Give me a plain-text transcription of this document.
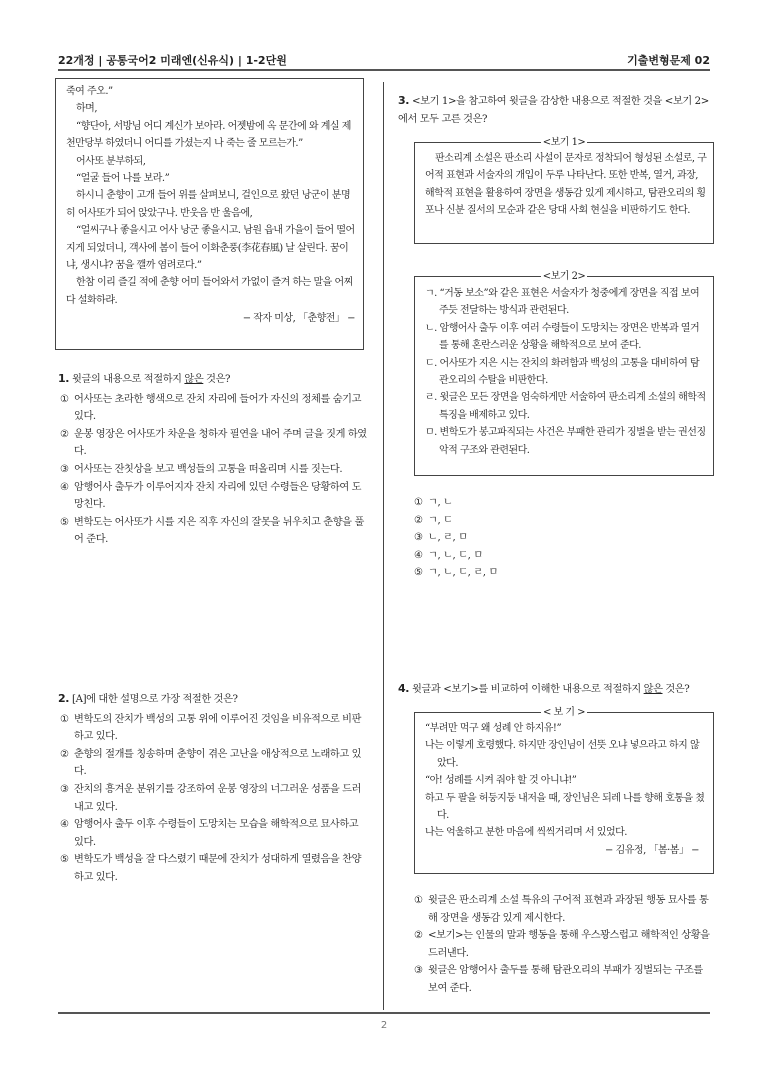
22개정 | 공통국어2 미래엔(신유식) | 1-2단원	기출변형문제 02

죽여 주오.”

하며,

“향단아, 서방님 어디 계신가 보아라. 어젯밤에 옥 문간에 와 계실 제 천만당부 하였더니 어디를 가셨는지 나 죽는 줄 모르는가.”

어사또 분부하되,

“얼굴 들어 나를 보라.”

하시니 춘향이 고개 들어 위를 살펴보니, 걸인으로 왔던 낭군이 분명히 어사또가 되어 앉았구나. 반웃음 반 울음에,

“얼씨구나 좋을시고 어사 낭군 좋을시고. 남원 읍내 가을이 들어 떨어지게 되었더니, 객사에 봄이 들어 이화춘풍(李花春風) 날 살린다. 꿈이냐, 생시냐? 꿈을 깰까 염려로다.”

한참 이리 즐길 적에 춘향 어미 들어와서 가없이 즐겨 하는 말을 어찌 다 설화하랴.

− 작자 미상, 「춘향전」 −

1. 윗글의 내용으로 적절하지 않은 것은?
① 어사또는 초라한 행색으로 잔치 자리에 들어가 자신의 정체를 숨기고 있다.
② 운봉 영장은 어사또가 차운을 청하자 필연을 내어 주며 글을 짓게 하였다.
③ 어사또는 잔칫상을 보고 백성들의 고통을 떠올리며 시를 짓는다.
④ 암행어사 출두가 이루어지자 잔치 자리에 있던 수령들은 당황하여 도망친다.
⑤ 변학도는 어사또가 시를 지은 직후 자신의 잘못을 뉘우치고 춘향을 풀어 준다.
2. [A]에 대한 설명으로 가장 적절한 것은?
① 변학도의 잔치가 백성의 고통 위에 이루어진 것임을 비유적으로 비판하고 있다.
② 춘향의 절개를 칭송하며 춘향이 겪은 고난을 애상적으로 노래하고 있다.
③ 잔치의 흥겨운 분위기를 강조하여 운봉 영장의 너그러운 성품을 드러내고 있다.
④ 암행어사 출두 이후 수령들이 도망치는 모습을 해학적으로 묘사하고 있다.
⑤ 변학도가 백성을 잘 다스렸기 때문에 잔치가 성대하게 열렸음을 찬양하고 있다.
3. <보기 1>을 참고하여 윗글을 감상한 내용으로 적절한 것을 <보기 2>에서 모두 고른 것은?
<보기 1>
판소리계 소설은 판소리 사설이 문자로 정착되어 형성된 소설로, 구어적 표현과 서술자의 개입이 두루 나타난다. 또한 반복, 열거, 과장, 해학적 표현을 활용하여 장면을 생동감 있게 제시하고, 탐관오리의 횡포나 신분 질서의 모순과 같은 당대 사회 현실을 비판하기도 한다.
<보기 2>
ㄱ. “거동 보소”와 같은 표현은 서술자가 청중에게 장면을 직접 보여 주듯 전달하는 방식과 관련된다.
ㄴ. 암행어사 출두 이후 여러 수령들이 도망치는 장면은 반복과 열거를 통해 혼란스러운 상황을 해학적으로 보여 준다.
ㄷ. 어사또가 지은 시는 잔치의 화려함과 백성의 고통을 대비하여 탐관오리의 수탈을 비판한다.
ㄹ. 윗글은 모든 장면을 엄숙하게만 서술하여 판소리계 소설의 해학적 특징을 배제하고 있다.
ㅁ. 변학도가 봉고파직되는 사건은 부패한 관리가 징벌을 받는 권선징악적 구조와 관련된다.
① ㄱ, ㄴ
② ㄱ, ㄷ
③ ㄴ, ㄹ, ㅁ
④ ㄱ, ㄴ, ㄷ, ㅁ
⑤ ㄱ, ㄴ, ㄷ, ㄹ, ㅁ
4. 윗글과 <보기>를 비교하여 이해한 내용으로 적절하지 않은 것은?
< 보 기 >
“부려만 먹구 왜 성례 안 하지유!”
나는 이렇게 호령했다. 하지만 장인님이 선뜻 오냐 넣으라고 하지 않았다.
“아! 성례를 시켜 줘야 할 것 아니냐!”
하고 두 팔을 허둥지둥 내저을 때, 장인님은 되레 나를 향해 호통을 쳤다.
나는 억울하고 분한 마음에 씩씩거리며 서 있었다.
− 김유정, 「봄·봄」 −
① 윗글은 판소리계 소설 특유의 구어적 표현과 과장된 행동 묘사를 통해 장면을 생동감 있게 제시한다.
② <보기>는 인물의 말과 행동을 통해 우스꽝스럽고 해학적인 상황을 드러낸다.
③ 윗글은 암행어사 출두를 통해 탐관오리의 부패가 징벌되는 구조를 보여 준다.
2
